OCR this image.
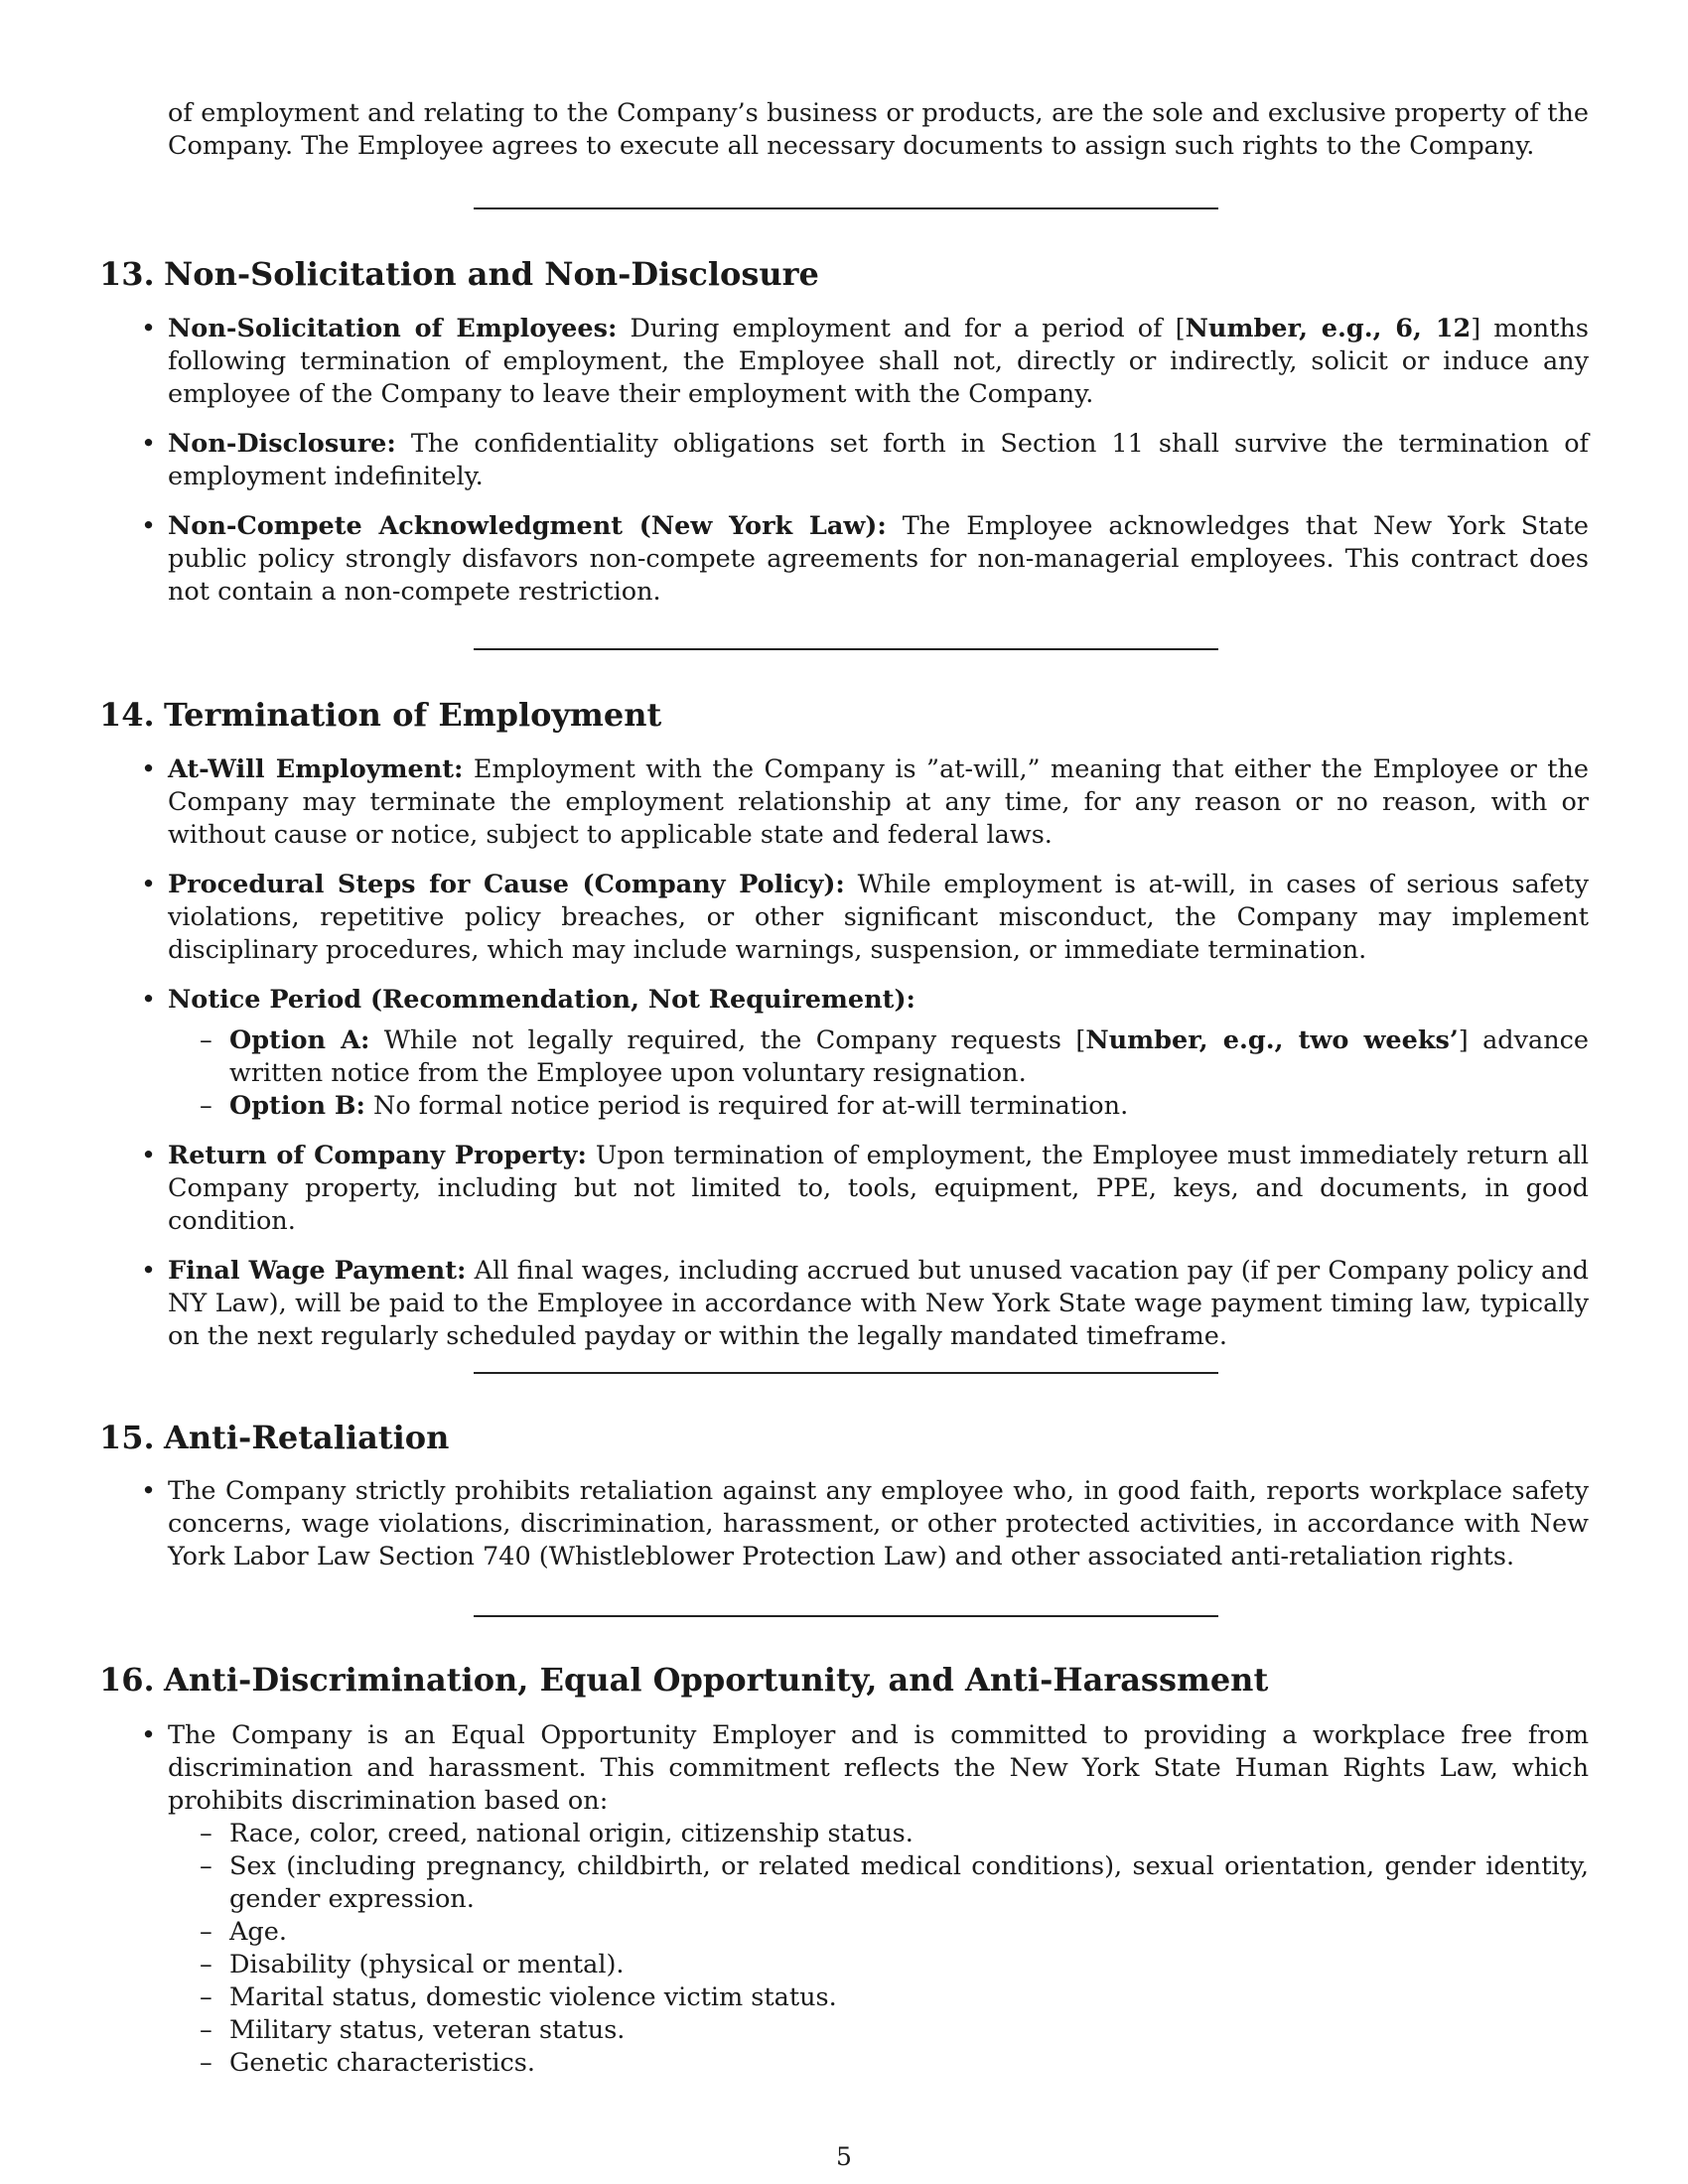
of employment and relating to the Company’s business or products, are the sole and exclusive property of the Company. The Employee agrees to execute all necessary documents to assign such rights to the Company.

13. Non-Solicitation and Non-Disclosure
• Non-Solicitation of Employees: During employment and for a period of [Number, e.g., 6, 12] months following termination of employment, the Employee shall not, directly or indirectly, solicit or induce any employee of the Company to leave their employment with the Company.
• Non-Disclosure: The confidentiality obligations set forth in Section 11 shall survive the termination of employment indefinitely.
• Non-Compete Acknowledgment (New York Law): The Employee acknowledges that New York State public policy strongly disfavors non-compete agreements for non-managerial employees. This contract does not contain a non-compete restriction.
14. Termination of Employment
• At-Will Employment: Employment with the Company is ”at-will,” meaning that either the Employee or the Company may terminate the employment relationship at any time, for any reason or no reason, with or without cause or notice, subject to applicable state and federal laws.
• Procedural Steps for Cause (Company Policy): While employment is at-will, in cases of serious safety violations, repetitive policy breaches, or other significant misconduct, the Company may implement disciplinary procedures, which may include warnings, suspension, or immediate termination.
• Notice Period (Recommendation, Not Requirement):
– Option A: While not legally required, the Company requests [Number, e.g., two weeks’] advance written notice from the Employee upon voluntary resignation.
– Option B: No formal notice period is required for at-will termination.
• Return of Company Property: Upon termination of employment, the Employee must immediately return all Company property, including but not limited to, tools, equipment, PPE, keys, and documents, in good condition.
• Final Wage Payment: All final wages, including accrued but unused vacation pay (if per Company policy and NY Law), will be paid to the Employee in accordance with New York State wage payment timing law, typically on the next regularly scheduled payday or within the legally mandated timeframe.
15. Anti-Retaliation
• The Company strictly prohibits retaliation against any employee who, in good faith, reports workplace safety concerns, wage violations, discrimination, harassment, or other protected activities, in accordance with New York Labor Law Section 740 (Whistleblower Protection Law) and other associated anti-retaliation rights.
16. Anti-Discrimination, Equal Opportunity, and Anti-Harassment
• The Company is an Equal Opportunity Employer and is committed to providing a workplace free from discrimination and harassment. This commitment reflects the New York State Human Rights Law, which prohibits discrimination based on:
– Race, color, creed, national origin, citizenship status.
– Sex (including pregnancy, childbirth, or related medical conditions), sexual orientation, gender identity, gender expression.
– Age.
– Disability (physical or mental).
– Marital status, domestic violence victim status.
– Military status, veteran status.
– Genetic characteristics.
5
